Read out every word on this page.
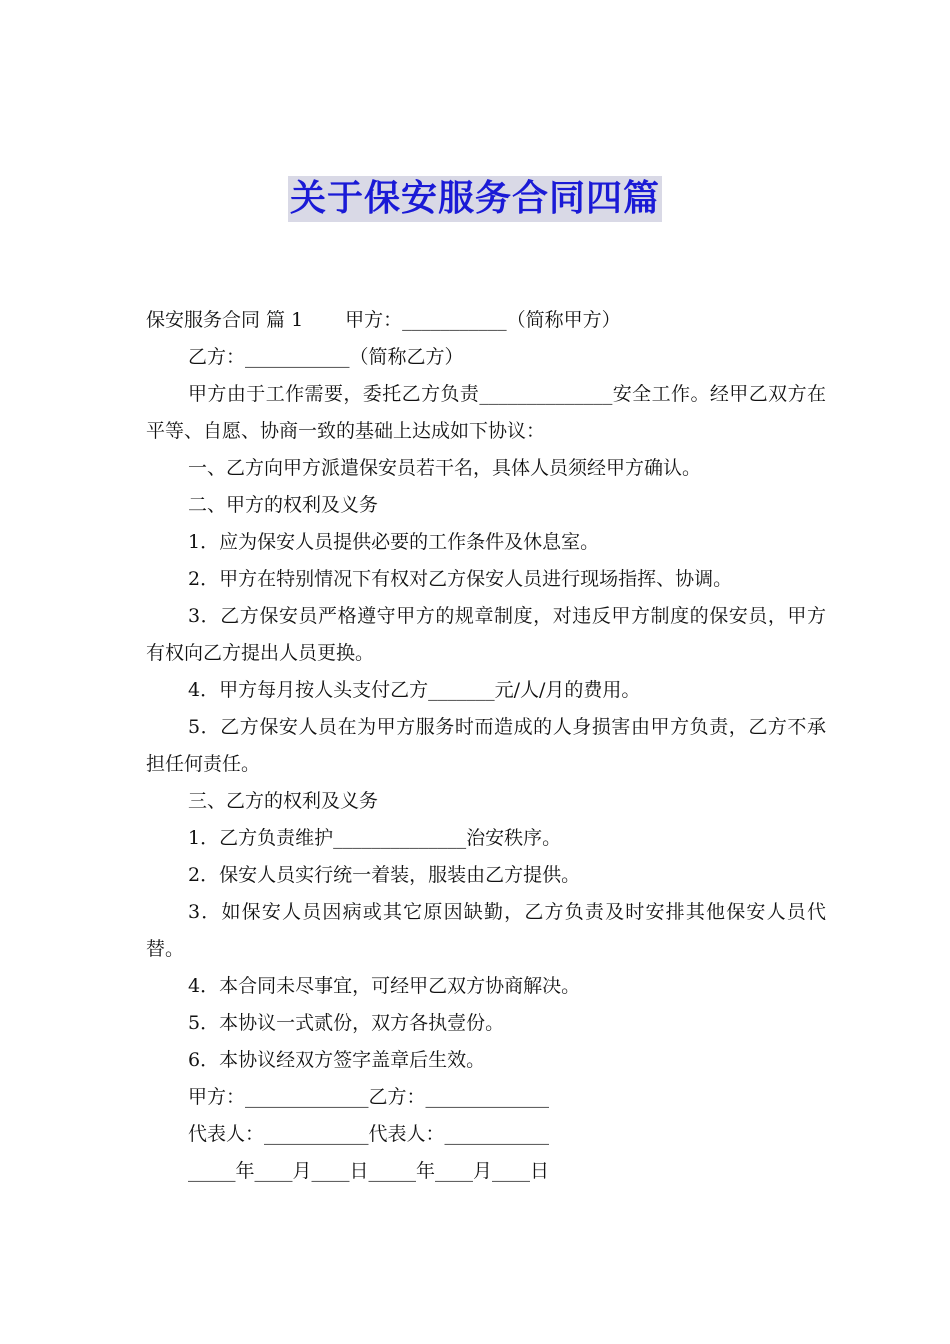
关于保安服务合同四篇

保安服务合同 篇 1 甲方：___________（简称甲方）

乙方：___________（简称乙方）

甲方由于工作需要，委托乙方负责______________安全工作。经甲乙双方在平等、自愿、协商一致的基础上达成如下协议：

一、乙方向甲方派遣保安员若干名，具体人员须经甲方确认。

二、甲方的权利及义务

1．应为保安人员提供必要的工作条件及休息室。

2．甲方在特别情况下有权对乙方保安人员进行现场指挥、协调。

3．乙方保安员严格遵守甲方的规章制度，对违反甲方制度的保安员，甲方有权向乙方提出人员更换。

4．甲方每月按人头支付乙方_______元/人/月的费用。

5．乙方保安人员在为甲方服务时而造成的人身损害由甲方负责，乙方不承担任何责任。

三、乙方的权利及义务

1．乙方负责维护______________治安秩序。

2．保安人员实行统一着装，服装由乙方提供。

3．如保安人员因病或其它原因缺勤，乙方负责及时安排其他保安人员代替。

4．本合同未尽事宜，可经甲乙双方协商解决。

5．本协议一式贰份，双方各执壹份。

6．本协议经双方签字盖章后生效。

甲方：_____________乙方：_____________

代表人：___________代表人：___________

_____年____月____日_____年____月____日
